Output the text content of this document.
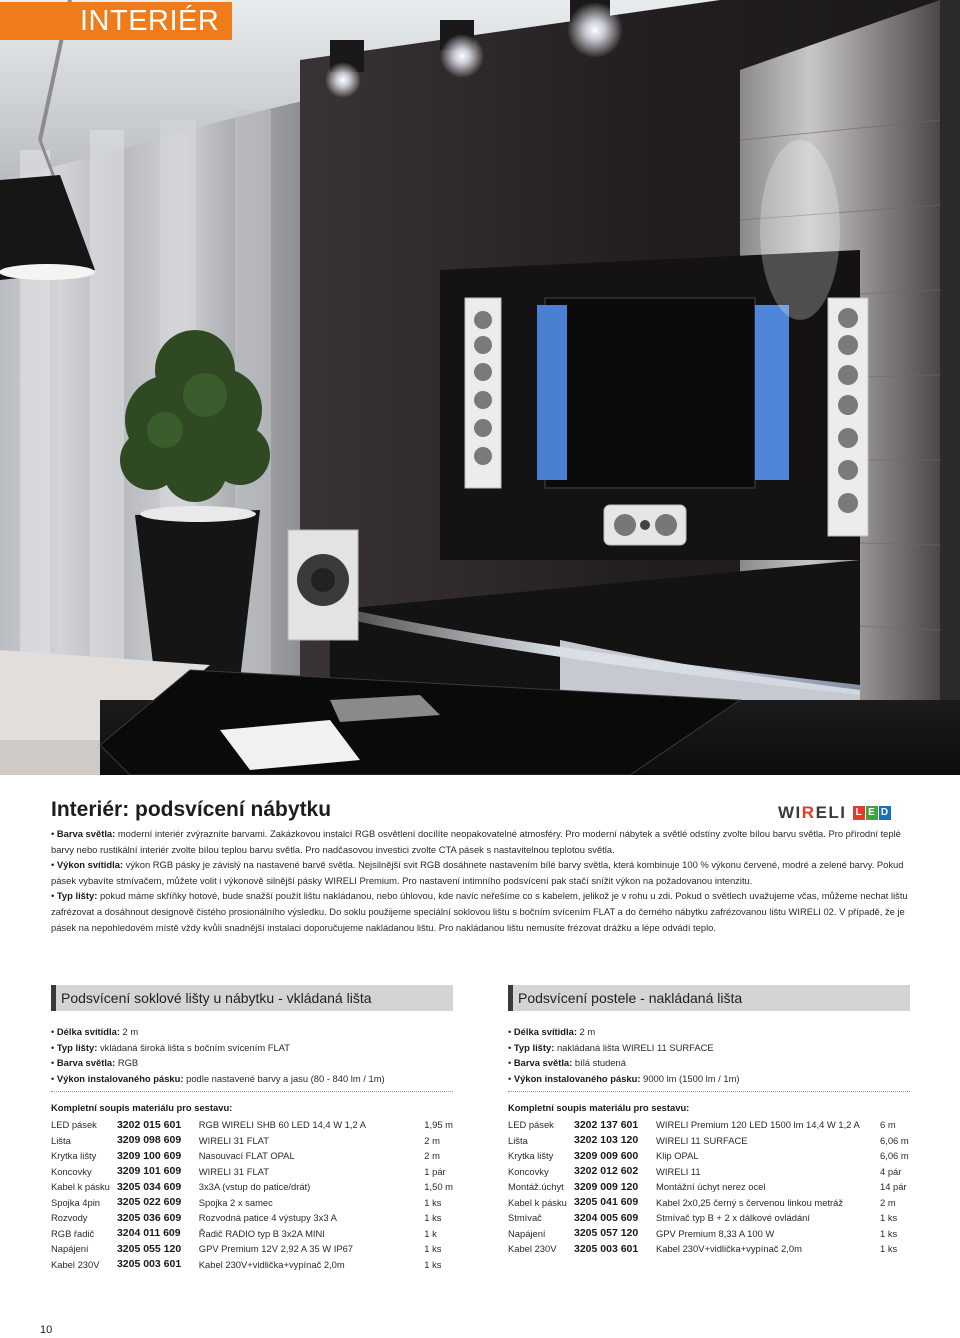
INTERIÉR
Interiér: podsvícení nábytku	WIRELI L E D

• Barva světla: moderní interiér zvýrazníte barvami. Zakázkovou instalcí RGB osvětlení docílíte neopakovatelné atmosféry. Pro moderní nábytek a světlé odstíny zvolte bílou barvu světla. Pro přírodní teplé barvy nebo rustikální interiér zvolte bílou teplou barvu světla. Pro nadčasovou investici zvolte CTA pásek s nastavitelnou teplotou světla.

• Výkon svítidla: výkon RGB pásky je závislý na nastavené barvě světla. Nejsilnější svit RGB dosáhnete nastavením bílé barvy světla, která kombinuje 100 % výkonu červené, modré a zelené barvy. Pokud pásek vybavíte stmívačem, můžete volit i výkonově silnější pásky WIRELI Premium. Pro nastavení intimního podsvícení pak stačí snížit výkon na požadovanou intenzitu.

• Typ lišty: pokud máme skříňky hotové, bude snažší použít lištu nakládanou, nebo úhlovou, kde navíc neřešíme co s kabelem, jelikož je v rohu u zdi. Pokud o světlech uvažujeme včas, můžeme nechat lištu zafrézovat a dosáhnout designově čistého prosionálního výsledku. Do soklu použijeme speciální soklovou lištu s bočním svícením FLAT a do černého nábytku zafrézovanou lištu WIRELI 02. V případě, že je pásek na nepohledovém místě vždy kvůli snadnější instalaci doporučujeme nakládanou lištu. Pro nakládanou lištu nemusíte frézovat drážku a lépe odvádí teplo.

Podsvícení soklové lišty u nábytku - vkládaná lišta
• Délka svítidla: 2 m
• Typ lišty: vkládaná široká lišta s bočním svícením FLAT
• Barva světla: RGB
• Výkon instalovaného pásku: podle nastavené barvy a jasu (80 - 840 lm / 1m)
Kompletní soupis materiálu pro sestavu:
LED pásek	3202 015 601	RGB WIRELI SHB 60 LED 14,4 W 1,2 A	1,95 m
Lišta	3209 098 609	WIRELI 31 FLAT	2 m
Krytka lišty	3209 100 609	Nasouvací FLAT OPAL	2 m
Koncovky	3209 101 609	WIRELI 31 FLAT	1 pár
Kabel k pásku	3205 034 609	3x3A (vstup do patice/drát)	1,50 m
Spojka 4pin	3205 022 609	Spojka 2 x samec	1 ks
Rozvody	3205 036 609	Rozvodná patice 4 výstupy 3x3 A	1 ks
RGB řadič	3204 011 609	Řadič RADIO typ B 3x2A MINI	1 k
Napájení	3205 055 120	GPV Premium 12V 2,92 A 35 W IP67	1 ks
Kabel 230V	3205 003 601	Kabel 230V+vidlička+vypínač 2,0m	1 ks
Podsvícení postele - nakládaná lišta
• Délka svítidla: 2 m
• Typ lišty: nakládaná lišta WIRELI 11 SURFACE
• Barva světla: bílá studená
• Výkon instalovaného pásku: 9000 lm (1500 lm / 1m)
Kompletní soupis materiálu pro sestavu:
LED pásek	3202 137 601	WIRELI Premium 120 LED 1500 lm 14,4 W 1,2 A	6 m
Lišta	3202 103 120	WIRELI 11 SURFACE	6,06 m
Krytka lišty	3209 009 600	Klip OPAL	6,06 m
Koncovky	3202 012 602	WIRELI 11	4 pár
Montáž.úchyt	3209 009 120	Montážní úchyt nerez ocel	14 pár
Kabel k pásku	3205 041 609	Kabel 2x0,25 černý s červenou linkou metráž	2 m
Stmívač	3204 005 609	Stmívač typ B + 2 x dálkové ovládání	1 ks
Napájení	3205 057 120	GPV Premium 8,33 A 100 W	1 ks
Kabel 230V	3205 003 601	Kabel 230V+vidlička+vypínač 2,0m	1 ks
10
